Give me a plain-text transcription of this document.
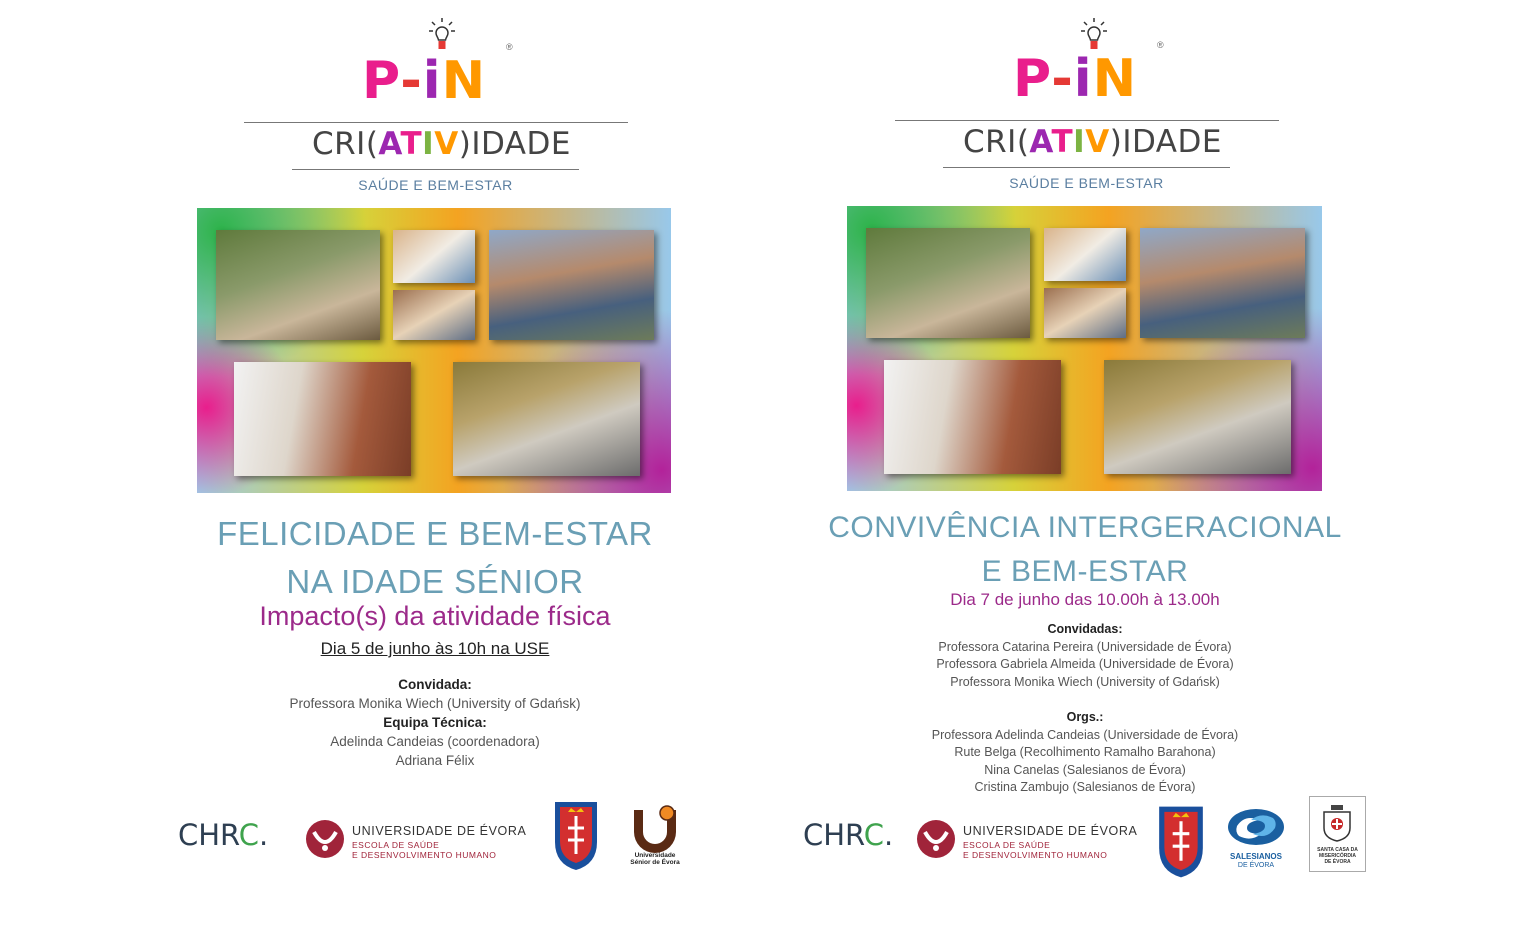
P-iN
®
CRI(ATIV)IDADE
SAÚDE E BEM-ESTAR
FELICIDADE E BEM-ESTAR
NA IDADE SÉNIOR
Impacto(s) da atividade física
Dia 5 de junho às 10h na USE
Convidada:
Professora Monika Wiech (University of Gdańsk)
Equipa Técnica:
Adelinda Candeias (coordenadora)
Adriana Félix
CHRC.	UNIVERSIDADE DE ÉVORA
ESCOLA DE SAÚDE
E DESENVOLVIMENTO HUMANO	Universidade
Sénior de Évora
P-iN
®
CRI(ATIV)IDADE
SAÚDE E BEM-ESTAR
CONVIVÊNCIA INTERGERACIONAL
E BEM-ESTAR
Dia 7 de junho das 10.00h à 13.00h
Convidadas:
Professora Catarina Pereira (Universidade de Évora)
Professora Gabriela Almeida (Universidade de Évora)
Professora Monika Wiech (University of Gdańsk)
Orgs.:
Professora Adelinda Candeias (Universidade de Évora)
Rute Belga (Recolhimento Ramalho Barahona)
Nina Canelas (Salesianos de Évora)
Cristina Zambujo (Salesianos de Évora)
CHRC.	UNIVERSIDADE DE ÉVORA
ESCOLA DE SAÚDE
E DESENVOLVIMENTO HUMANO	SALESIANOS
DE ÉVORA
SANTA CASA DA
MISERICÓRDIA
DE ÉVORA
